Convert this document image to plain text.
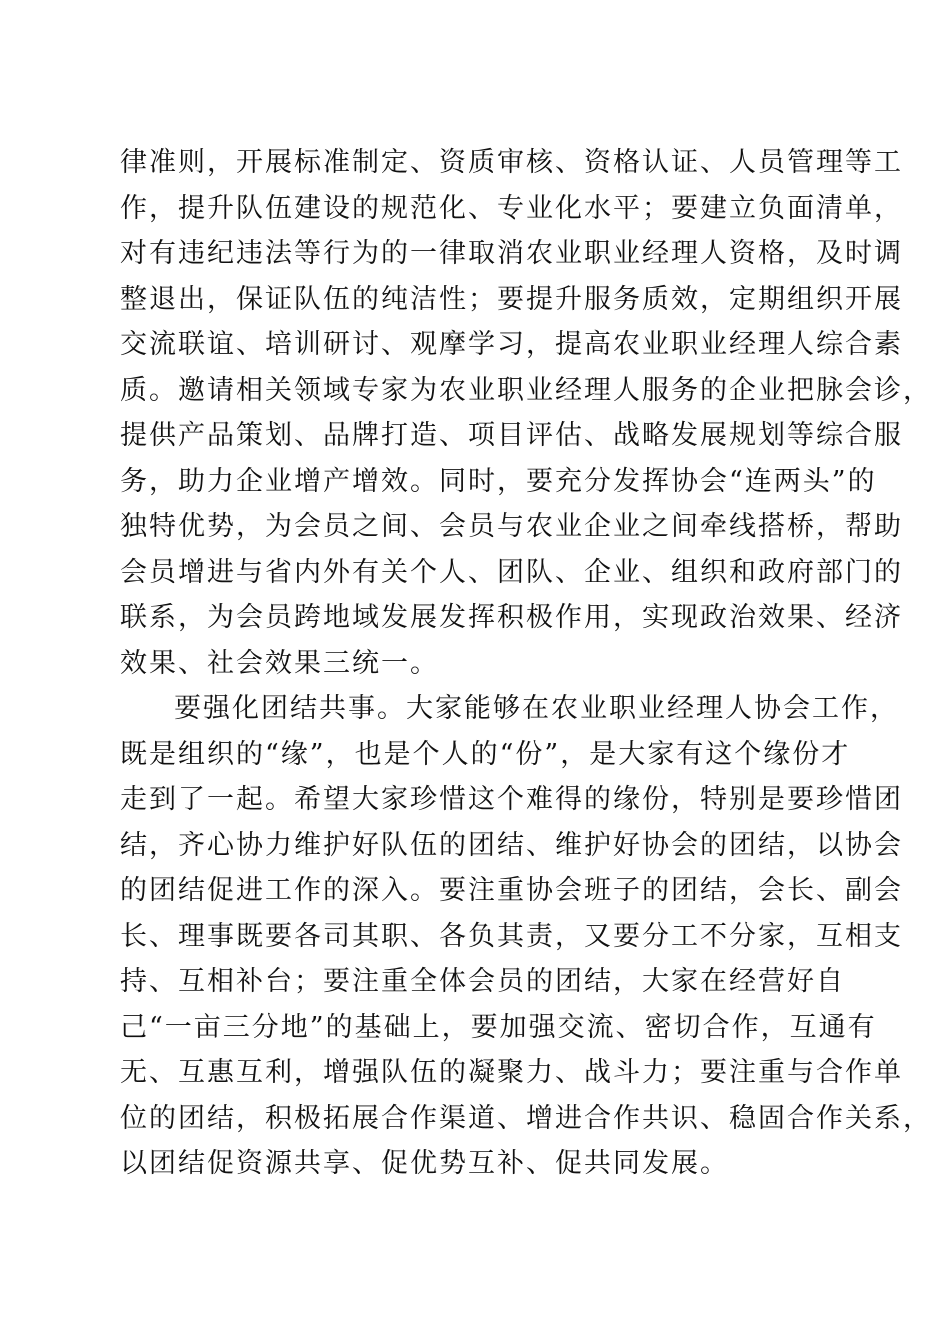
律准则，开展标准制定、资质审核、资格认证、人员管理等工
作，提升队伍建设的规范化、专业化水平；要建立负面清单，
对有违纪违法等行为的一律取消农业职业经理人资格，及时调
整退出，保证队伍的纯洁性；要提升服务质效，定期组织开展
交流联谊、培训研讨、观摩学习，提高农业职业经理人综合素
质。邀请相关领域专家为农业职业经理人服务的企业把脉会诊，
提供产品策划、品牌打造、项目评估、战略发展规划等综合服
务，助力企业增产增效。同时，要充分发挥协会“连两头”的
独特优势，为会员之间、会员与农业企业之间牵线搭桥，帮助
会员增进与省内外有关个人、团队、企业、组织和政府部门的
联系，为会员跨地域发展发挥积极作用，实现政治效果、经济
效果、社会效果三统一。
要强化团结共事。大家能够在农业职业经理人协会工作，
既是组织的“缘”，也是个人的“份”，是大家有这个缘份才
走到了一起。希望大家珍惜这个难得的缘份，特别是要珍惜团
结，齐心协力维护好队伍的团结、维护好协会的团结，以协会
的团结促进工作的深入。要注重协会班子的团结，会长、副会
长、理事既要各司其职、各负其责，又要分工不分家，互相支
持、互相补台；要注重全体会员的团结，大家在经营好自
己“一亩三分地”的基础上，要加强交流、密切合作，互通有
无、互惠互利，增强队伍的凝聚力、战斗力；要注重与合作单
位的团结，积极拓展合作渠道、增进合作共识、稳固合作关系，
以团结促资源共享、促优势互补、促共同发展。
